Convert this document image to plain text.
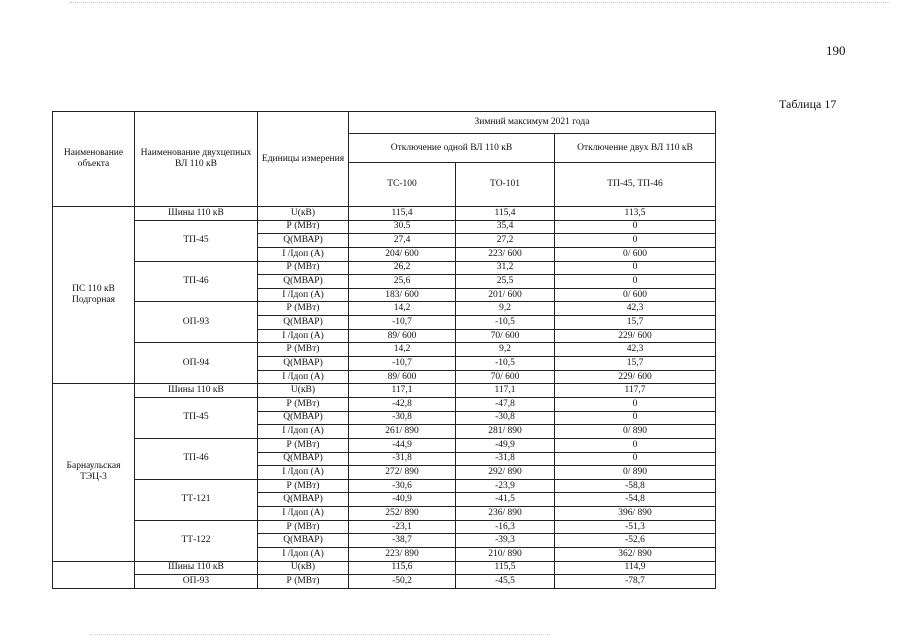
190
Таблица 17
Наименование объекта	Наименование двухцепных ВЛ 110 кВ	Единицы измерения	Зимний максимум 2021 года		
			Отключение одной ВЛ 110 кВ		Отключение двух ВЛ 110 кВ
			ТС-100	ТО-101	ТП-45, ТП-46
ПС 110 кВ Подгорная	Шины 110 кВ	U(кВ)	115,4	115,4	113,5
	ТП-45	Р (МВт)	30.5	35,4	0
		Q(МВАР)	27,4	27,2	0
		I /Iдоп (А)	204/ 600	223/ 600	0/ 600
	ТП-46	Р (МВт)	26,2	31,2	0
		Q(МВАР)	25,6	25,5	0
		I /Iдоп (А)	183/ 600	201/ 600	0/ 600
	ОП-93	Р (МВт)	14,2	9,2	42,3
		Q(МВАР)	-10,7	-10,5	15,7
		I /Iдоп (А)	89/ 600	70/ 600	229/ 600
	ОП-94	Р (МВт)	14,2	9,2	42,3
		Q(МВАР)	-10,7	-10,5	15,7
		I /Iдоп (А)	89/ 600	70/ 600	229/ 600
Барнаульская ТЭЦ-3	Шины 110 кВ	U(кВ)	117,1	117,1	117,7
	ТП-45	Р (МВт)	-42,8	-47,8	0
		Q(МВАР)	-30,8	-30,8	0
		I /Iдоп (А)	261/ 890	281/ 890	0/ 890
	ТП-46	Р (МВт)	-44,9	-49,9	0
		Q(МВАР)	-31,8	-31,8	0
		I /Iдоп (А)	272/ 890	292/ 890	0/ 890
	ТТ-121	Р (МВт)	-30,6	-23,9	-58,8
		Q(МВАР)	-40,9	-41,5	-54,8
		I /Iдоп (А)	252/ 890	236/ 890	396/ 890
	ТТ-122	Р (МВт)	-23,1	-16,3	-51,3
		Q(МВАР)	-38,7	-39,3	-52,6
		I /Iдоп (А)	223/ 890	210/ 890	362/ 890
	Шины 110 кВ	U(кВ)	115,6	115,5	114,9
	ОП-93	Р (МВт)	-50,2	-45,5	-78,7
